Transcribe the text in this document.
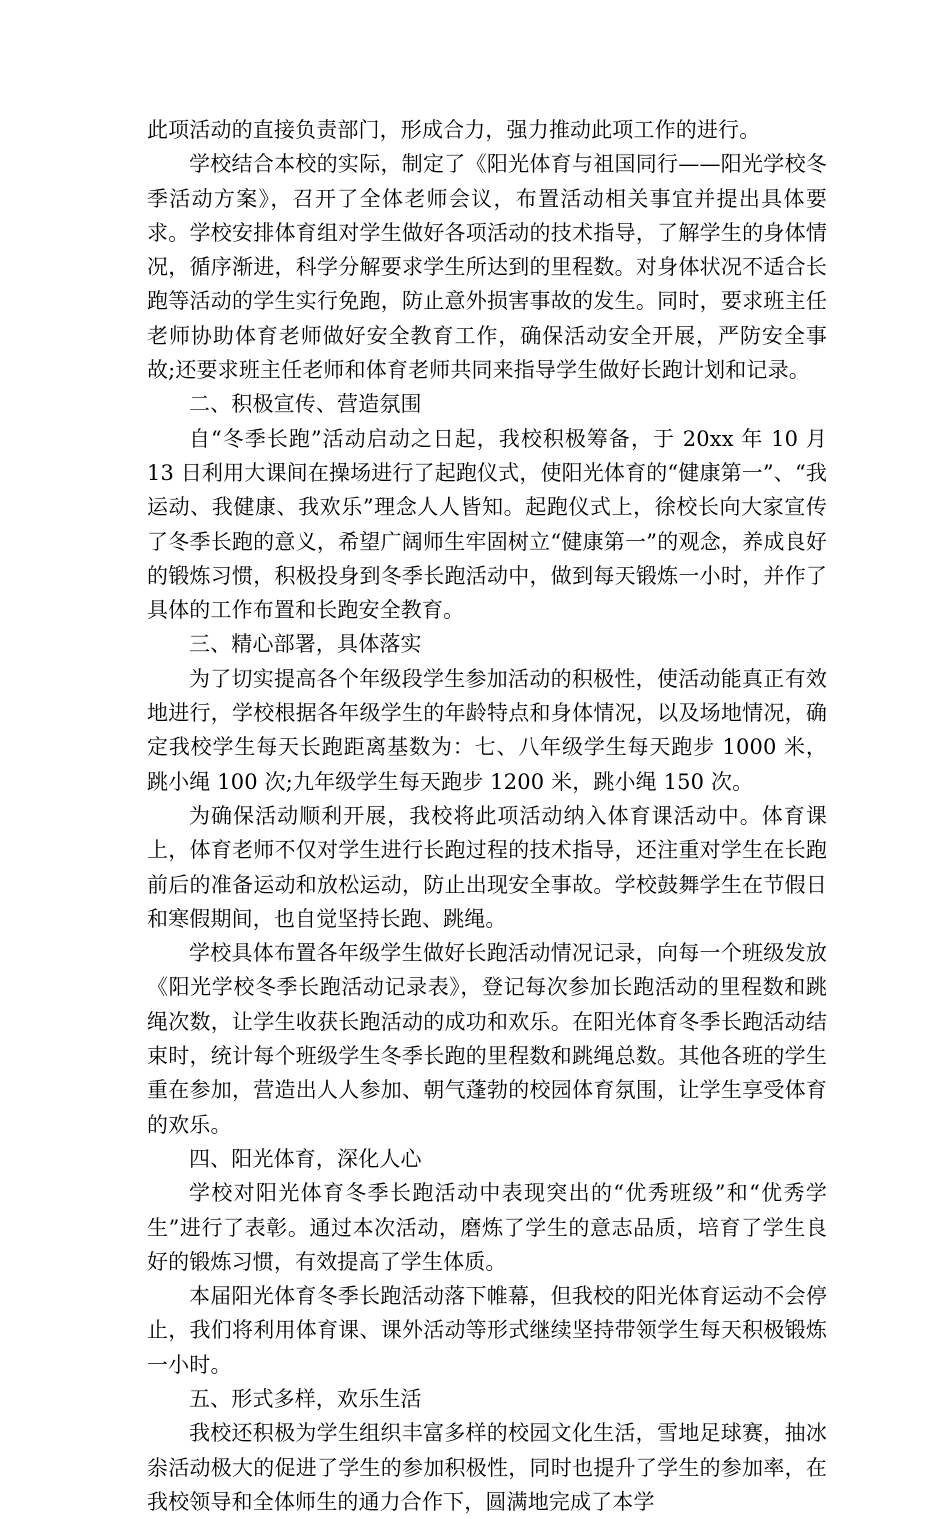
此项活动的直接负责部门，形成合力，强力推动此项工作的进行。

学校结合本校的实际，制定了《阳光体育与祖国同行——阳光学校冬季活动方案》，召开了全体老师会议，布置活动相关事宜并提出具体要求。学校安排体育组对学生做好各项活动的技术指导，了解学生的身体情况，循序渐进，科学分解要求学生所达到的里程数。对身体状况不适合长跑等活动的学生实行免跑，防止意外损害事故的发生。同时，要求班主任老师协助体育老师做好安全教育工作，确保活动安全开展，严防安全事故;还要求班主任老师和体育老师共同来指导学生做好长跑计划和记录。

二、积极宣传、营造氛围

自“冬季长跑”活动启动之日起，我校积极筹备，于 20xx 年 10 月 13 日利用大课间在操场进行了起跑仪式，使阳光体育的“健康第一”、“我运动、我健康、我欢乐”理念人人皆知。起跑仪式上，徐校长向大家宣传了冬季长跑的意义，希望广阔师生牢固树立“健康第一”的观念，养成良好的锻炼习惯，积极投身到冬季长跑活动中，做到每天锻炼一小时，并作了具体的工作布置和长跑安全教育。

三、精心部署，具体落实

为了切实提高各个年级段学生参加活动的积极性，使活动能真正有效地进行，学校根据各年级学生的年龄特点和身体情况，以及场地情况，确定我校学生每天长跑距离基数为：七、八年级学生每天跑步 1000 米，跳小绳 100 次;九年级学生每天跑步 1200 米，跳小绳 150 次。

为确保活动顺利开展，我校将此项活动纳入体育课活动中。体育课上，体育老师不仅对学生进行长跑过程的技术指导，还注重对学生在长跑前后的准备运动和放松运动，防止出现安全事故。学校鼓舞学生在节假日和寒假期间，也自觉坚持长跑、跳绳。

学校具体布置各年级学生做好长跑活动情况记录，向每一个班级发放《阳光学校冬季长跑活动记录表》，登记每次参加长跑活动的里程数和跳绳次数，让学生收获长跑活动的成功和欢乐。在阳光体育冬季长跑活动结束时，统计每个班级学生冬季长跑的里程数和跳绳总数。其他各班的学生重在参加，营造出人人参加、朝气蓬勃的校园体育氛围，让学生享受体育的欢乐。

四、阳光体育，深化人心

学校对阳光体育冬季长跑活动中表现突出的“优秀班级”和“优秀学生”进行了表彰。通过本次活动，磨炼了学生的意志品质，培育了学生良好的锻炼习惯，有效提高了学生体质。

本届阳光体育冬季长跑活动落下帷幕，但我校的阳光体育运动不会停止，我们将利用体育课、课外活动等形式继续坚持带领学生每天积极锻炼一小时。

五、形式多样，欢乐生活

我校还积极为学生组织丰富多样的校园文化生活，雪地足球赛，抽冰尜活动极大的促进了学生的参加积极性，同时也提升了学生的参加率，在我校领导和全体师生的通力合作下，圆满地完成了本学
